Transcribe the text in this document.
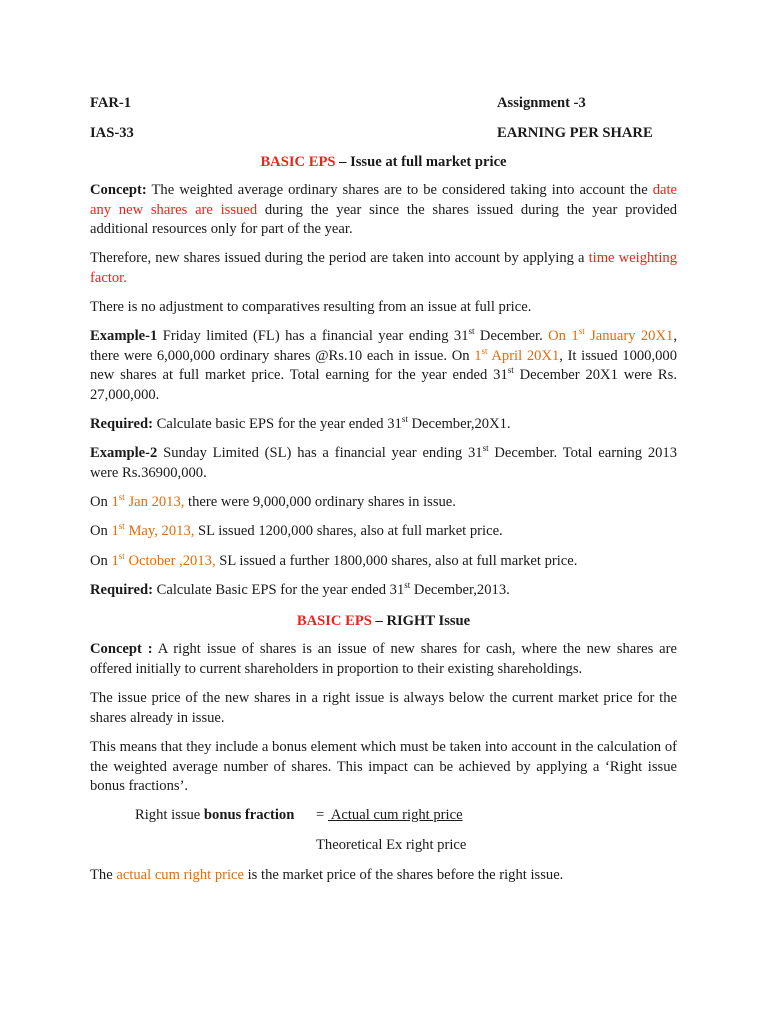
FAR-1	Assignment -3
IAS-33	EARNING PER SHARE
BASIC EPS – Issue at full market price

Concept: The weighted average ordinary shares are to be considered taking into account the date any new shares are issued during the year since the shares issued during the year provided additional resources only for part of the year.

Therefore, new shares issued during the period are taken into account by applying a time weighting factor.

There is no adjustment to comparatives resulting from an issue at full price.

Example-1 Friday limited (FL) has a financial year ending 31st December. On 1st January 20X1, there were 6,000,000 ordinary shares @Rs.10 each in issue. On 1st April 20X1, It issued 1000,000 new shares at full market price. Total earning for the year ended 31st December 20X1 were Rs. 27,000,000.

Required: Calculate basic EPS for the year ended 31st December,20X1.

Example-2 Sunday Limited (SL) has a financial year ending 31st December. Total earning 2013 were Rs.36900,000.

On 1st Jan 2013, there were 9,000,000 ordinary shares in issue.

On 1st May, 2013, SL issued 1200,000 shares, also at full market price.

On 1st October ,2013, SL issued a further 1800,000 shares, also at full market price.

Required: Calculate Basic EPS for the year ended 31st December,2013.

BASIC EPS – RIGHT Issue

Concept : A right issue of shares is an issue of new shares for cash, where the new shares are offered initially to current shareholders in proportion to their existing shareholdings.

The issue price of the new shares in a right issue is always below the current market price for the shares already in issue.

This means that they include a bonus element which must be taken into account in the calculation of the weighted average number of shares. This impact can be achieved by applying a ‘Right issue bonus fractions’.

Right issue bonus fraction = Actual cum right price
Theoretical Ex right price

The actual cum right price is the market price of the shares before the right issue.
